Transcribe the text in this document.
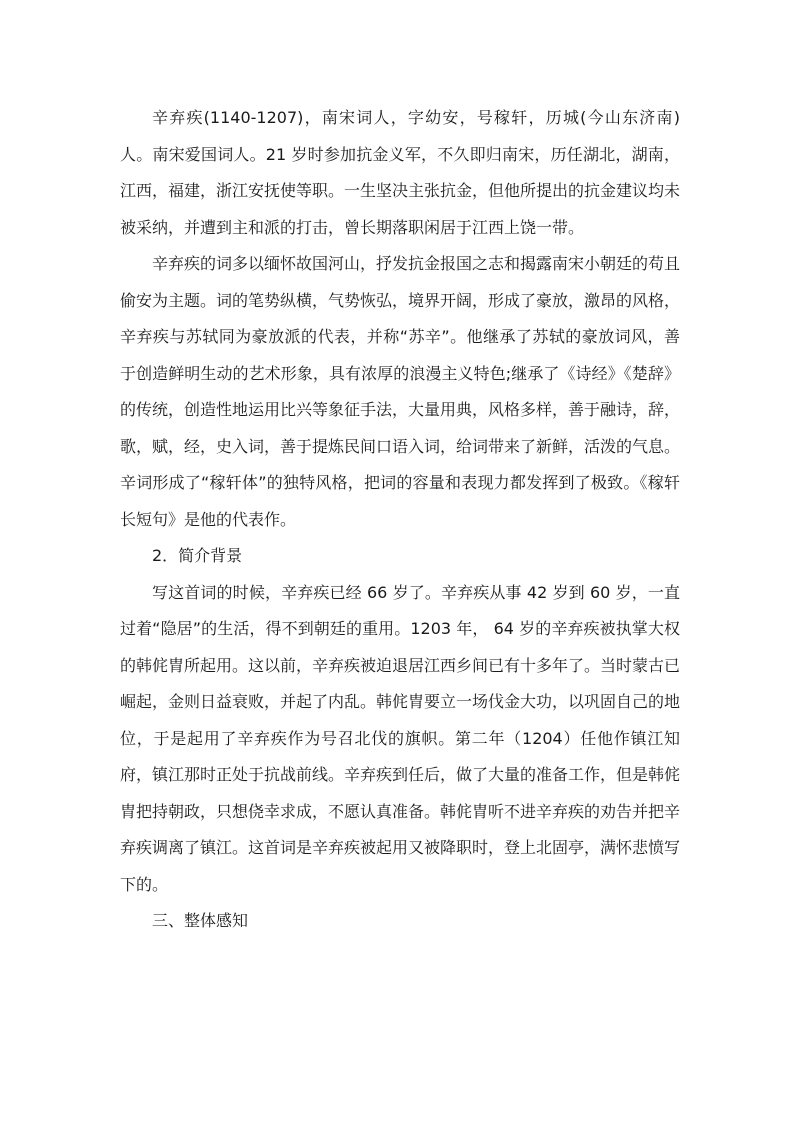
辛弃疾(1140-1207)，南宋词人，字幼安，号稼轩，历城(今山东济南)人。南宋爱国词人。21 岁时参加抗金义军，不久即归南宋，历任湖北，湖南，江西，福建，浙江安抚使等职。一生坚决主张抗金，但他所提出的抗金建议均未被采纳，并遭到主和派的打击，曾长期落职闲居于江西上饶一带。

辛弃疾的词多以缅怀故国河山，抒发抗金报国之志和揭露南宋小朝廷的苟且偷安为主题。词的笔势纵横，气势恢弘，境界开阔，形成了豪放，激昂的风格，辛弃疾与苏轼同为豪放派的代表，并称“苏辛”。他继承了苏轼的豪放词风，善于创造鲜明生动的艺术形象，具有浓厚的浪漫主义特色;继承了《诗经》《楚辞》的传统，创造性地运用比兴等象征手法，大量用典，风格多样，善于融诗，辞，歌，赋，经，史入词，善于提炼民间口语入词，给词带来了新鲜，活泼的气息。辛词形成了“稼轩体”的独特风格，把词的容量和表现力都发挥到了极致。《稼轩长短句》是他的代表作。

2．简介背景

写这首词的时候，辛弃疾已经 66 岁了。辛弃疾从事 42 岁到 60 岁，一直过着“隐居”的生活，得不到朝廷的重用。1203 年， 64 岁的辛弃疾被执掌大权的韩侂胄所起用。这以前，辛弃疾被迫退居江西乡间已有十多年了。当时蒙古已崛起，金则日益衰败，并起了内乱。韩侂胄要立一场伐金大功，以巩固自己的地位，于是起用了辛弃疾作为号召北伐的旗帜。第二年（1204）任他作镇江知府，镇江那时正处于抗战前线。辛弃疾到任后，做了大量的准备工作，但是韩侂胄把持朝政，只想侥幸求成，不愿认真准备。韩侂胄听不进辛弃疾的劝告并把辛弃疾调离了镇江。这首词是辛弃疾被起用又被降职时，登上北固亭，满怀悲愤写下的。

三、整体感知
